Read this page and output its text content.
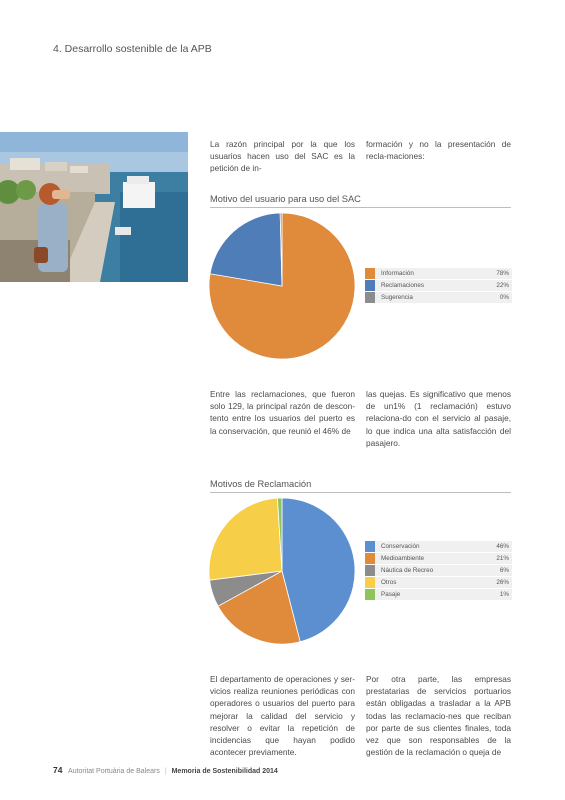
4. Desarrollo sostenible de la APB
La razón principal por la que los usuarios hacen uso del SAC es la petición de in-
formación y no la presentación de recla-maciones:
Motivo del usuario para uso del SAC
Información	78%
Reclamaciones	22%
Sugerencia	0%
Entre las reclamaciones, que fueron solo 129, la principal razón de descon-tento entre los usuarios del puerto es la conservación, que reunió el 46% de
las quejas. Es significativo que menos de un1% (1 reclamación) estuvo relaciona-do con el servicio al pasaje, lo que indica una alta satisfacción del pasajero.
Motivos de Reclamación
Conservación	46%
Medioambiente	21%
Náutica de Recreo	6%
Otros	26%
Pasaje	1%
El departamento de operaciones y ser-vicios realiza reuniones periódicas con operadores o usuarios del puerto para mejorar la calidad del servicio y resolver o evitar la repetición de incidencias que hayan podido acontecer previamente.
Por otra parte, las empresas prestatarias de servicios portuarios están obligadas a trasladar a la APB todas las reclamacio-nes que reciban por parte de sus clientes finales, toda vez que son responsables de la gestión de la reclamación o queja de
74 Autoritat Portuària de Balears | Memoria de Sostenibilidad 2014
